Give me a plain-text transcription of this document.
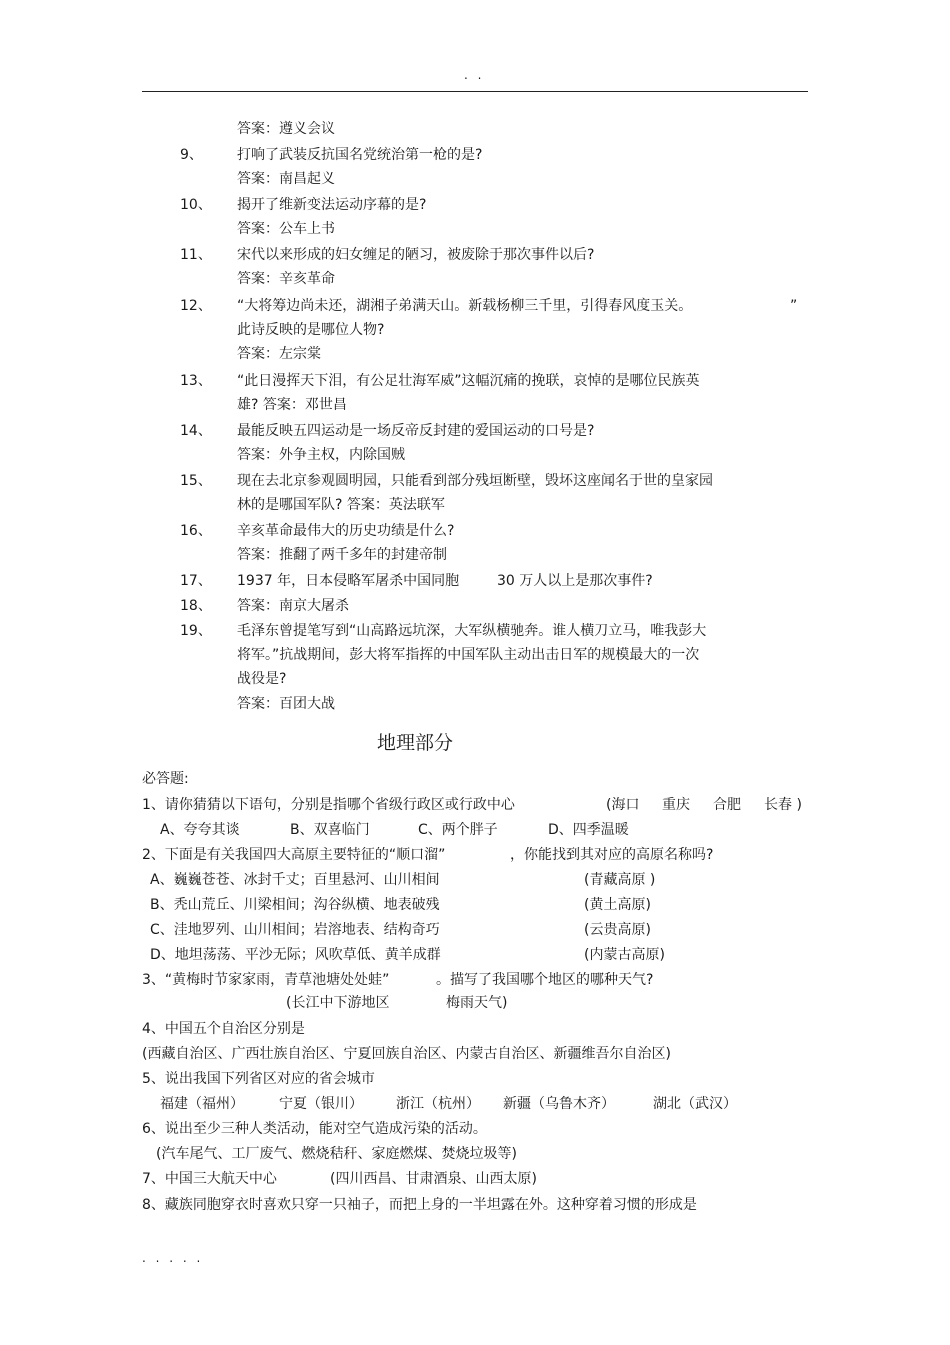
. .
答案：遵义会议
9、 打响了武装反抗国名党统治第一枪的是?
答案：南昌起义
10、 揭开了维新变法运动序幕的是?
答案：公车上书
11、 宋代以来形成的妇女缠足的陋习，被废除于那次事件以后?
答案：辛亥革命
12、 “大将筹边尚未还，湖湘子弟满天山。新载杨柳三千里，引得春风度玉关。	”
此诗反映的是哪位人物?
答案：左宗棠
13、 “此日漫挥天下泪，有公足壮海军威”这幅沉痛的挽联，哀悼的是哪位民族英
雄? 答案：邓世昌
14、 最能反映五四运动是一场反帝反封建的爱国运动的口号是?
答案：外争主权，内除国贼
15、 现在去北京参观圆明园，只能看到部分残垣断壁，毁坏这座闻名于世的皇家园
林的是哪国军队? 答案：英法联军
16、 辛亥革命最伟大的历史功绩是什么?
答案：推翻了两千多年的封建帝制
17、 1937 年，日本侵略军屠杀中国同胞	30 万人以上是那次事件?
18、 答案：南京大屠杀
19、 毛泽东曾提笔写到“山高路远坑深，大军纵横驰奔。谁人横刀立马，唯我彭大
将军。”抗战期间，彭大将军指挥的中国军队主动出击日军的规模最大的一次
战役是?
答案：百团大战
地理部分
必答题:
1、请你猜猜以下语句，分别是指哪个省级行政区或行政中心	(海口 重庆 合肥 长春 )
A、夸夸其谈	B、双喜临门	C、两个胖子	D、四季温暖
2、下面是有关我国四大高原主要特征的“顺口溜”	，你能找到其对应的高原名称吗?
A、巍巍苍苍、冰封千丈；百里悬河、山川相间	(青藏高原 )
B、秃山荒丘、川梁相间；沟谷纵横、地表破残	(黄土高原)
C、洼地罗列、山川相间；岩溶地表、结构奇巧	(云贵高原)
D、地坦荡荡、平沙无际；风吹草低、黄羊成群	(内蒙古高原)
3、“黄梅时节家家雨，青草池塘处处蛙”	。描写了我国哪个地区的哪种天气?
(长江中下游地区	梅雨天气)
4、中国五个自治区分别是
(西藏自治区、广西壮族自治区、宁夏回族自治区、内蒙古自治区、新疆维吾尔自治区)
5、说出我国下列省区对应的省会城市
福建（福州）	宁夏（银川） 浙江（杭州） 新疆（乌鲁木齐）	湖北（武汉）
6、说出至少三种人类活动，能对空气造成污染的活动。
(汽车尾气、工厂废气、燃烧秸秆、家庭燃煤、焚烧垃圾等)
7、中国三大航天中心	(四川西昌、甘肃酒泉、山西太原)
8、藏族同胞穿衣时喜欢只穿一只袖子，而把上身的一半坦露在外。这种穿着习惯的形成是
. . . . .
